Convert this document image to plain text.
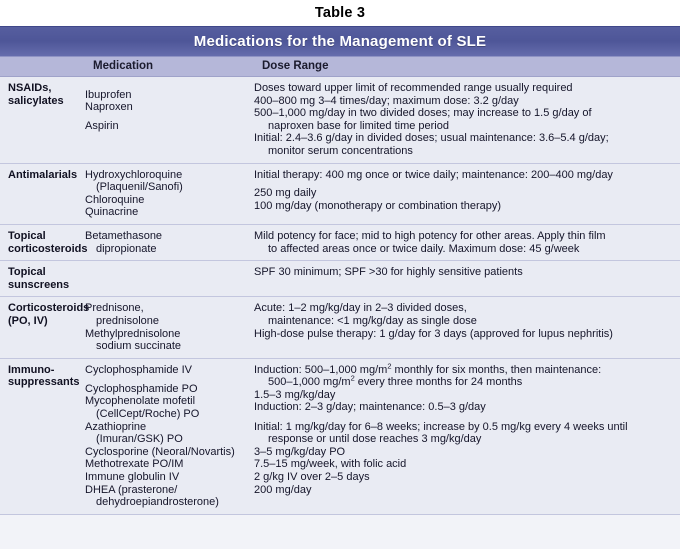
Table 3
Medications for the Management of SLE
Medication	Dose Range
NSAIDs,
salicylates
Ibuprofen
Naproxen
Aspirin
Doses toward upper limit of recommended range usually required
400–800 mg 3–4 times/day; maximum dose: 3.2 g/day
500–1,000 mg/day in two divided doses; may increase to 1.5 g/day of
naproxen base for limited time period
Initial: 2.4–3.6 g/day in divided doses; usual maintenance: 3.6–5.4 g/day;
monitor serum concentrations
Antimalarials Hydroxychloroquine
(Plaquenil/Sanofi)
Chloroquine
Quinacrine
Initial therapy: 400 mg once or twice daily; maintenance: 200–400 mg/day
250 mg daily
100 mg/day (monotherapy or combination therapy)
Topical
corticosteroids
Betamethasone
dipropionate
Mild potency for face; mid to high potency for other areas. Apply thin film
to affected areas once or twice daily. Maximum dose: 45 g/week
Topical
sunscreens
SPF 30 minimum; SPF >30 for highly sensitive patients
Corticosteroids
(PO, IV)
Prednisone,
prednisolone
Methylprednisolone
sodium succinate
Acute: 1–2 mg/kg/day in 2–3 divided doses,
maintenance: <1 mg/kg/day as single dose
High-dose pulse therapy: 1 g/day for 3 days (approved for lupus nephritis)
Immuno-
suppressants
Cyclophosphamide IV
Cyclophosphamide PO
Mycophenolate mofetil
(CellCept/Roche) PO
Azathioprine
(Imuran/GSK) PO
Cyclosporine (Neoral/Novartis)
Methotrexate PO/IM
Immune globulin IV
DHEA (prasterone/
dehydroepiandrosterone)
Induction: 500–1,000 $mg/m^2$ monthly for six months, then maintenance:
500–1,000 $mg/m^2$ every three months for 24 months
1.5–3 mg/kg/day
Induction: 2–3 g/day; maintenance: 0.5–3 g/day
Initial: 1 mg/kg/day for 6–8 weeks; increase by 0.5 mg/kg every 4 weeks until
response or until dose reaches 3 mg/kg/day
3–5 mg/kg/day PO
7.5–15 mg/week, with folic acid
2 g/kg IV over 2–5 days
200 mg/day
